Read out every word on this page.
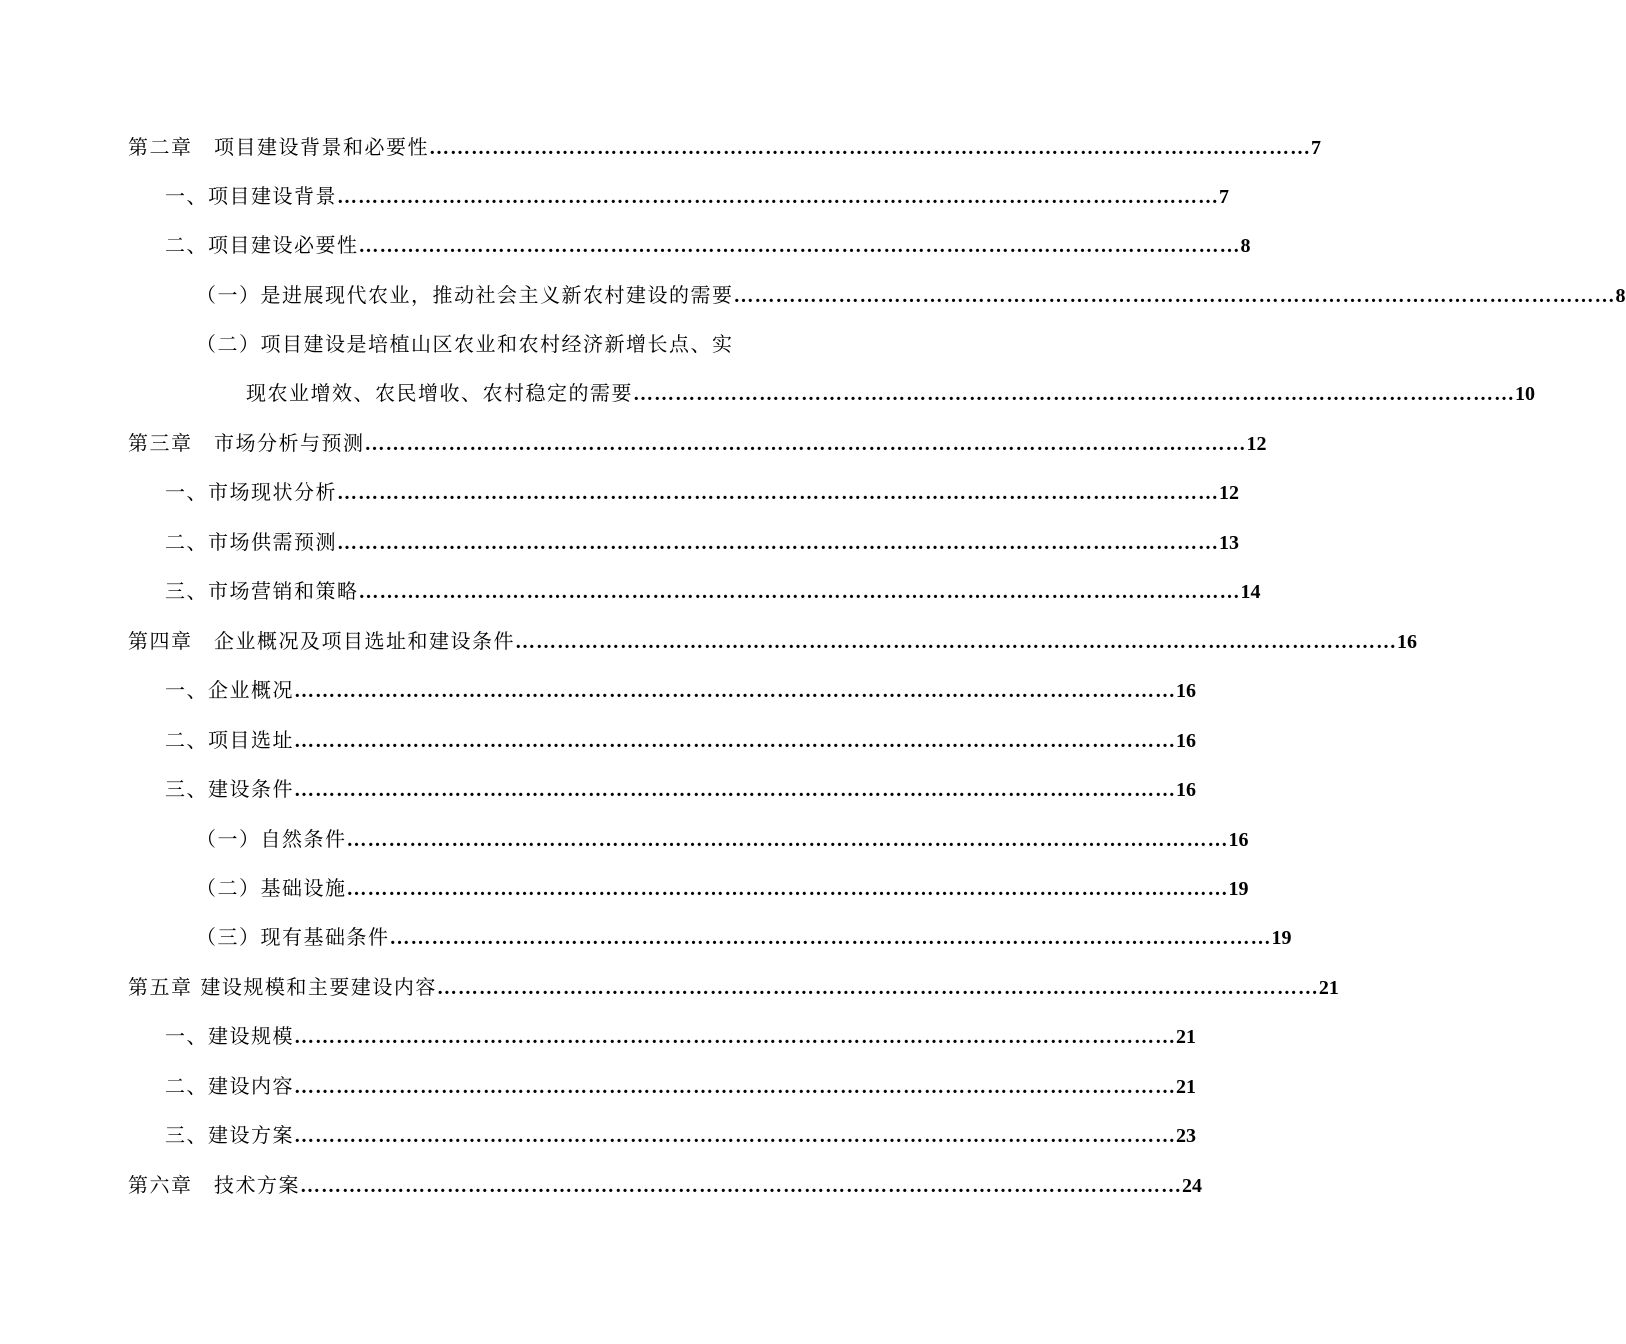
第二章　项目建设背景和必要性 ……………………………………………………………………………………………………………… 7
一、项目建设背景 ……………………………………………………………………………………………………………… 7
二、项目建设必要性 ……………………………………………………………………………………………………………… 8
（一）是进展现代农业，推动社会主义新农村建设的需要 ……………………………………………………………………………………………………………… 8
（二）项目建设是培植山区农业和农村经济新增长点、实
现农业增效、农民增收、农村稳定的需要 ……………………………………………………………………………………………………………… 10
第三章　市场分析与预测 ……………………………………………………………………………………………………………… 12
一、市场现状分析 ……………………………………………………………………………………………………………… 12
二、市场供需预测 ……………………………………………………………………………………………………………… 13
三、市场营销和策略 ……………………………………………………………………………………………………………… 14
第四章　企业概况及项目选址和建设条件 ……………………………………………………………………………………………………………… 16
一、企业概况 ……………………………………………………………………………………………………………… 16
二、项目选址 ……………………………………………………………………………………………………………… 16
三、建设条件 ……………………………………………………………………………………………………………… 16
（一）自然条件 ……………………………………………………………………………………………………………… 16
（二）基础设施 ……………………………………………………………………………………………………………… 19
（三）现有基础条件 ……………………………………………………………………………………………………………… 19
第五章 建设规模和主要建设内容 ……………………………………………………………………………………………………………… 21
一、建设规模 ……………………………………………………………………………………………………………… 21
二、建设内容 ……………………………………………………………………………………………………………… 21
三、建设方案 ……………………………………………………………………………………………………………… 23
第六章　技术方案 ……………………………………………………………………………………………………………… 24
